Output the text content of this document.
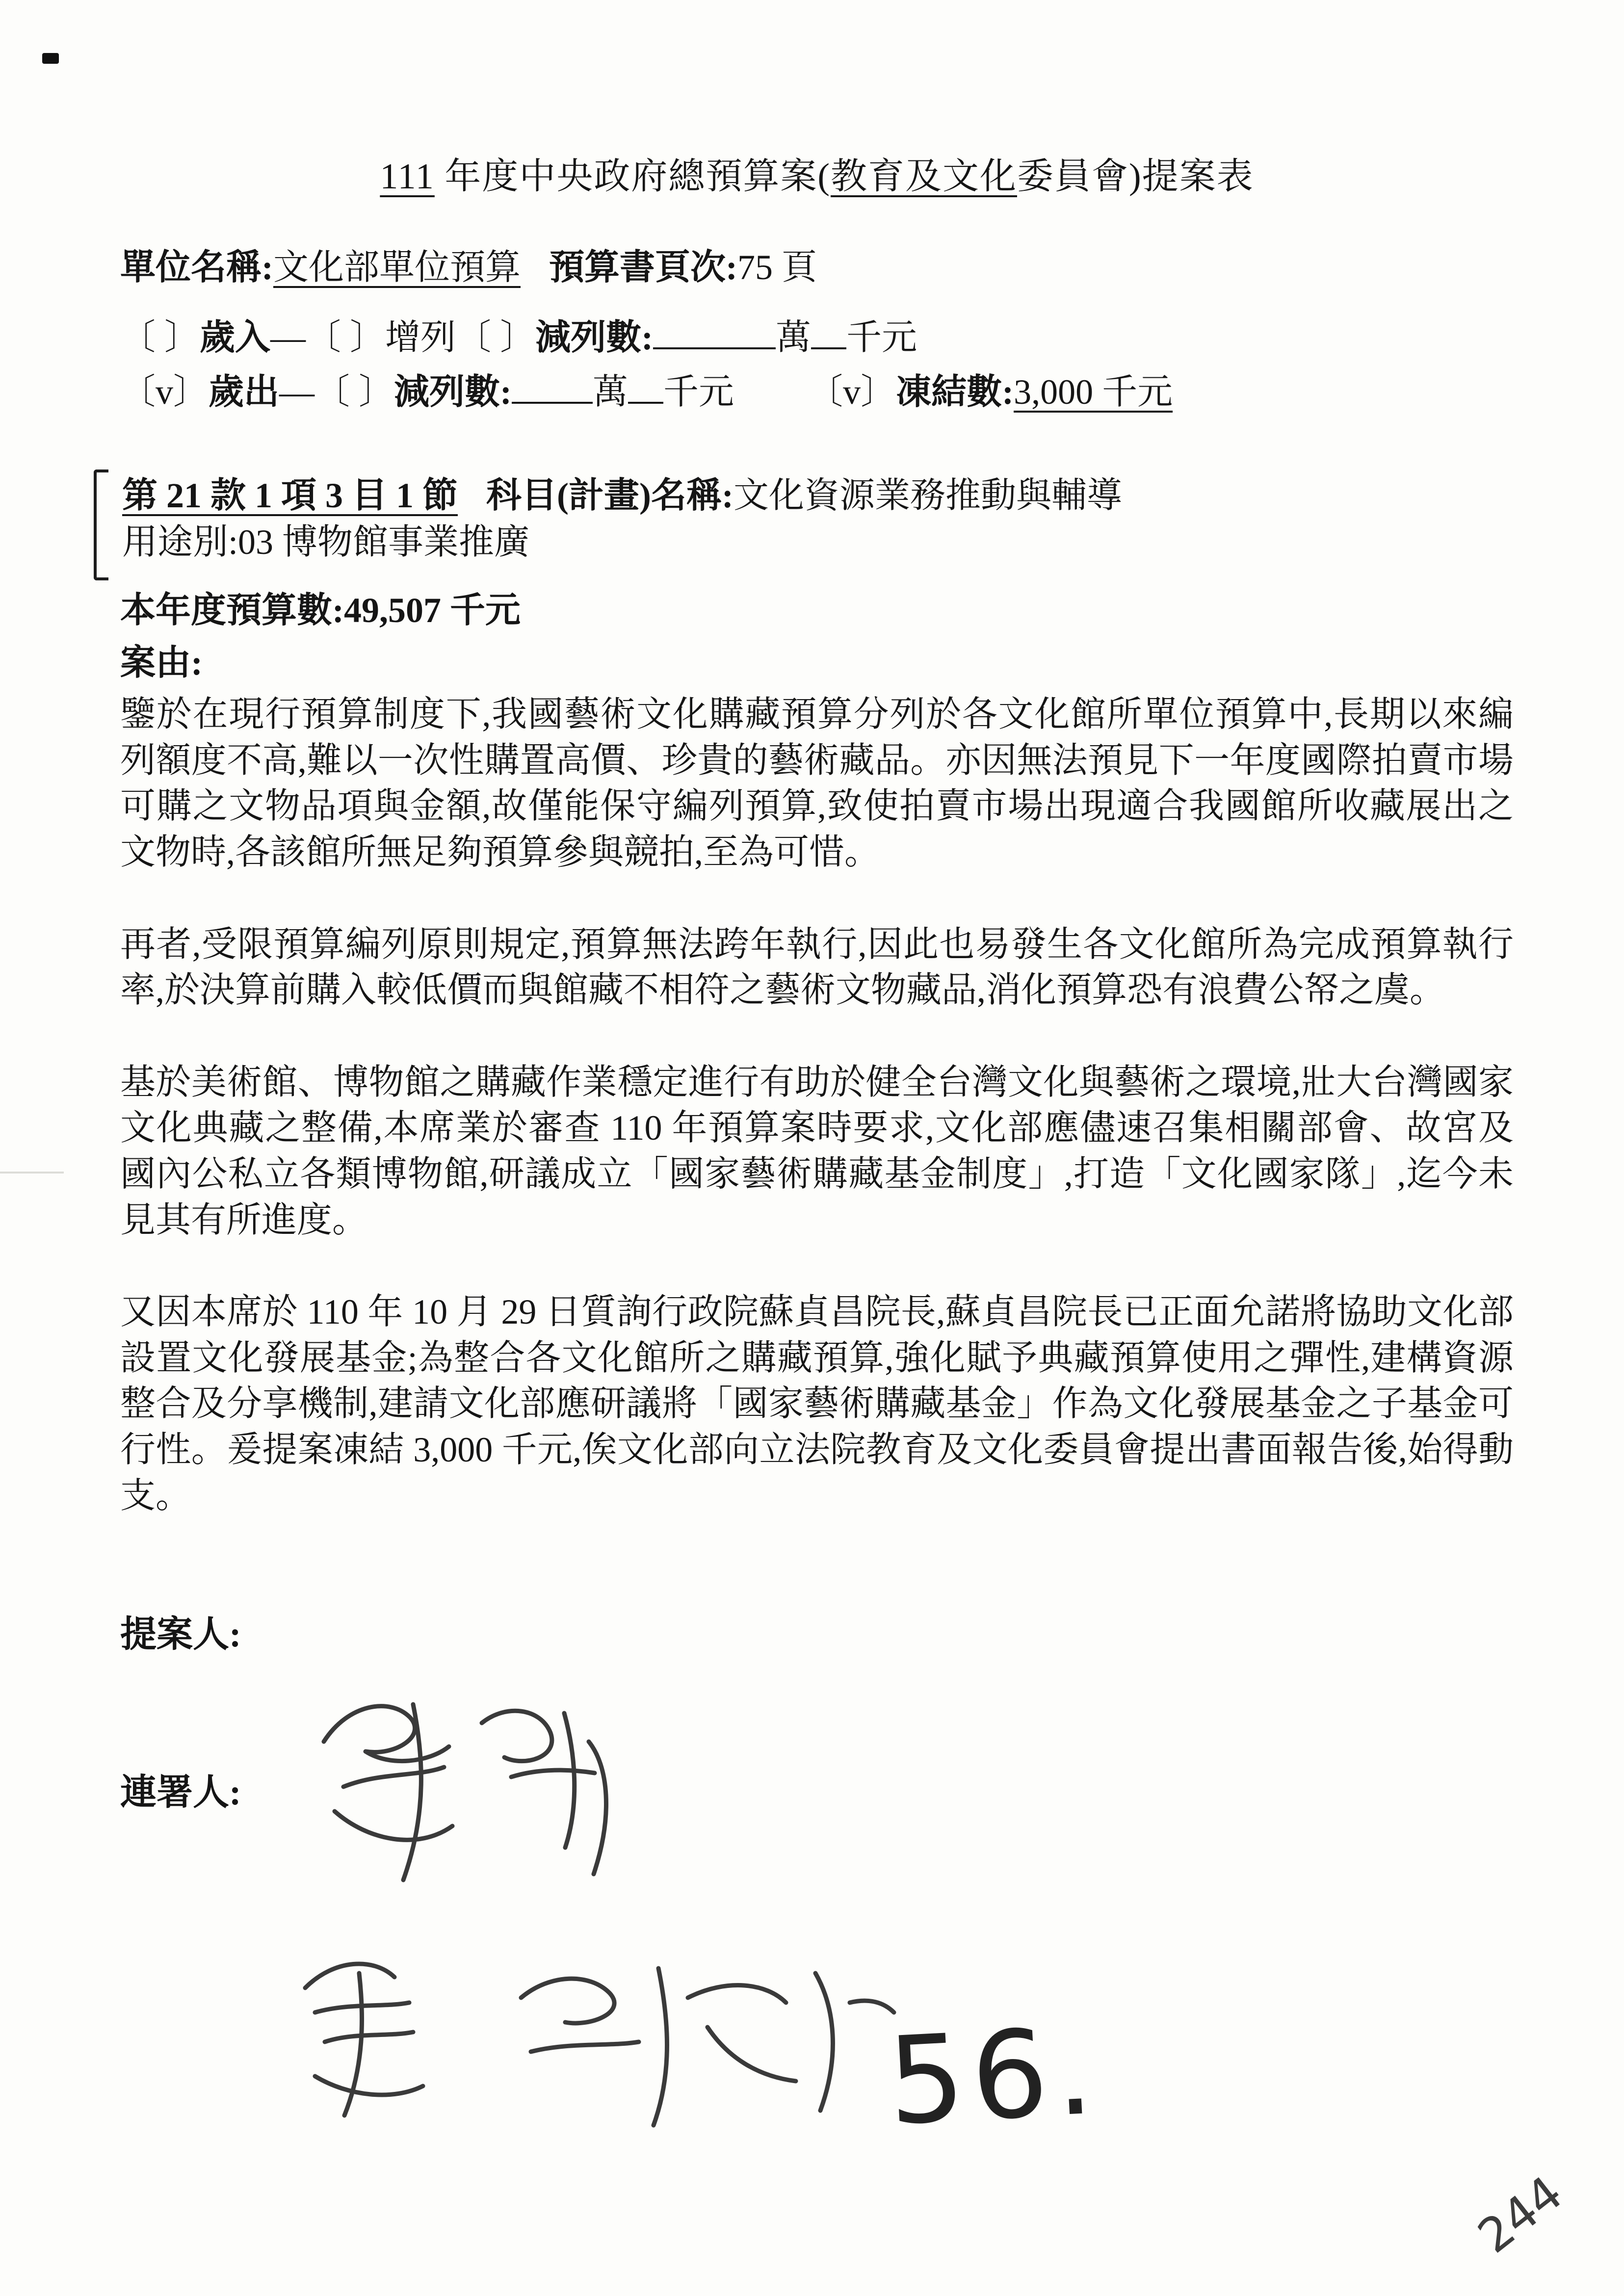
111 年度中央政府總預算案(教育及文化委員會)提案表
單位名稱:文化部單位預算 預算書頁次:75 頁
〔 〕歲入—〔 〕增列〔 〕減列數:	萬 千元
〔v〕歲出—〔 〕減列數: 萬 千元 〔v〕凍結數:3,000 千元
第 21 款 1 項 3 目 1 節 科目(計畫)名稱:文化資源業務推動與輔導
用途別:03 博物館事業推廣
本年度預算數:49,507 千元
案由:

鑒於在現行預算制度下,我國藝術文化購藏預算分列於各文化館所單位預算中,長期以來編列額度不高,難以一次性購置高價、珍貴的藝術藏品。亦因無法預見下一年度國際拍賣市場可購之文物品項與金額,故僅能保守編列預算,致使拍賣市場出現適合我國館所收藏展出之文物時,各該館所無足夠預算參與競拍,至為可惜。

再者,受限預算編列原則規定,預算無法跨年執行,因此也易發生各文化館所為完成預算執行率,於決算前購入較低價而與館藏不相符之藝術文物藏品,消化預算恐有浪費公帑之虞。

基於美術館、博物館之購藏作業穩定進行有助於健全台灣文化與藝術之環境,壯大台灣國家文化典藏之整備,本席業於審查 110 年預算案時要求,文化部應儘速召集相關部會、故宮及國內公私立各類博物館,研議成立「國家藝術購藏基金制度」,打造「文化國家隊」,迄今未見其有所進度。

又因本席於 110 年 10 月 29 日質詢行政院蘇貞昌院長,蘇貞昌院長已正面允諾將協助文化部設置文化發展基金;為整合各文化館所之購藏預算,強化賦予典藏預算使用之彈性,建構資源整合及分享機制,建請文化部應研議將「國家藝術購藏基金」作為文化發展基金之子基金可行性。爰提案凍結 3,000 千元,俟文化部向立法院教育及文化委員會提出書面報告後,始得動支。

提案人:
連署人:
56.
244
